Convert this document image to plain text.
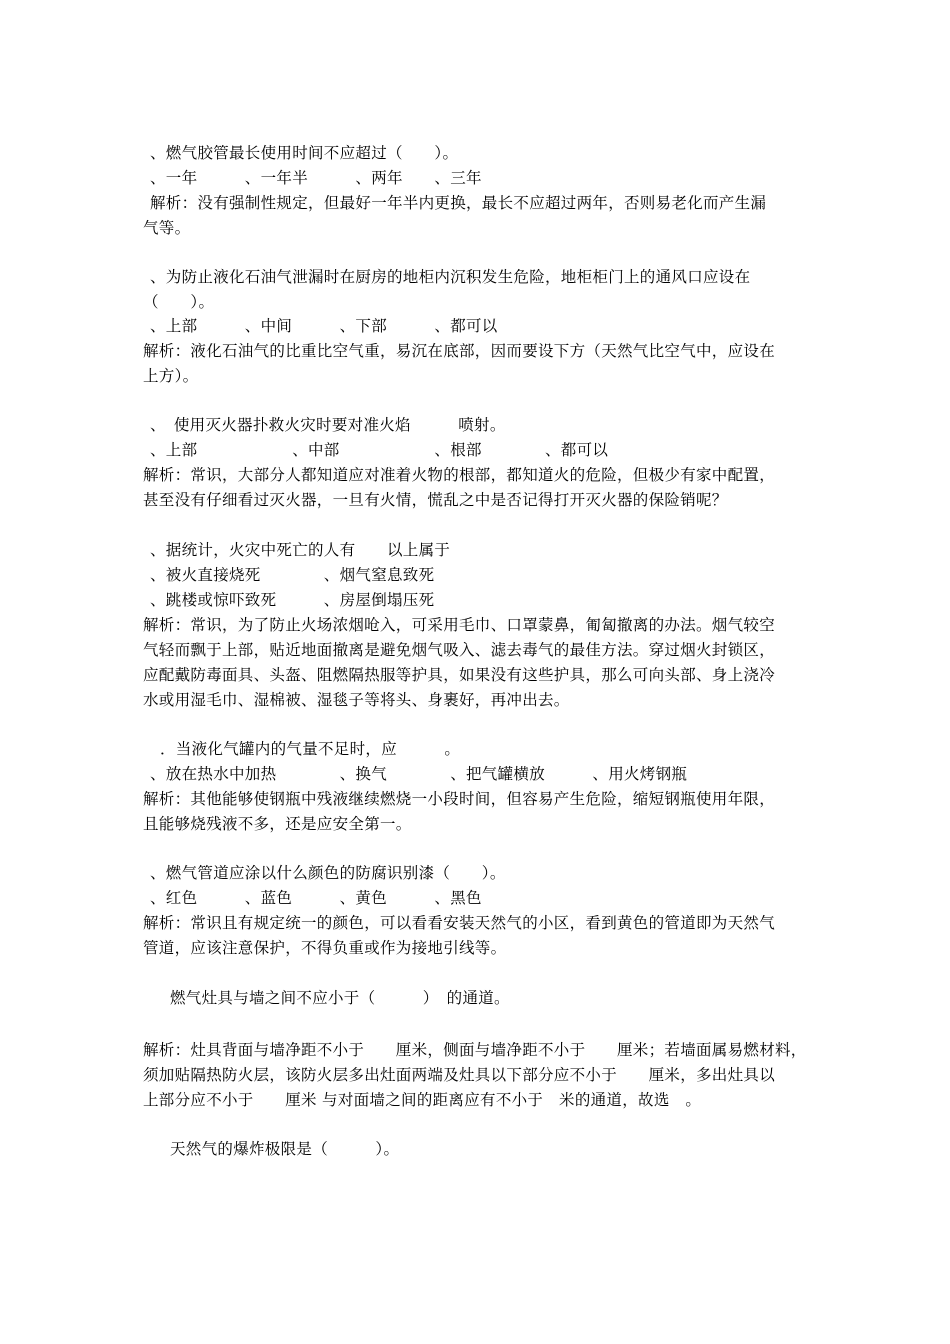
、燃气胶管最长使用时间不应超过（　　）。
、一年　　　、一年半　　　、两年　　、三年
解析：没有强制性规定，但最好一年半内更换，最长不应超过两年，否则易老化而产生漏
气等。
、为防止液化石油气泄漏时在厨房的地柜内沉积发生危险，地柜柜门上的通风口应设在
（　　）。
、上部　　　、中间　　　、下部　　　、都可以
解析：液化石油气的比重比空气重，易沉在底部，因而要设下方（天然气比空气中，应设在
上方）。
、　使用灭火器扑救火灾时要对准火焰　　　喷射。
、上部　　　　　　、中部　　　　　　、根部　　　　、都可以
解析：常识，大部分人都知道应对准着火物的根部，都知道火的危险，但极少有家中配置，
甚至没有仔细看过灭火器，一旦有火情，慌乱之中是否记得打开灭火器的保险销呢？
、据统计，火灾中死亡的人有　　以上属于
、被火直接烧死　　　　、烟气窒息致死
、跳楼或惊吓致死　　　、房屋倒塌压死
解析：常识，为了防止火场浓烟呛入，可采用毛巾、口罩蒙鼻，匍匐撤离的办法。烟气较空
气轻而飘于上部，贴近地面撤离是避免烟气吸入、滤去毒气的最佳方法。穿过烟火封锁区，
应配戴防毒面具、头盔、阻燃隔热服等护具，如果没有这些护具，那么可向头部、身上浇冷
水或用湿毛巾、湿棉被、湿毯子等将头、身裹好，再冲出去。
．当液化气罐内的气量不足时，应　　　。
、放在热水中加热　　　　、换气　　　　、把气罐横放　　　、用火烤钢瓶
解析：其他能够使钢瓶中残液继续燃烧一小段时间，但容易产生危险，缩短钢瓶使用年限，
且能够烧残液不多，还是应安全第一。
、燃气管道应涂以什么颜色的防腐识别漆（　　）。
、红色　　　、蓝色　　　、黄色　　　、黑色
解析：常识且有规定统一的颜色，可以看看安装天然气的小区，看到黄色的管道即为天然气
管道，应该注意保护，不得负重或作为接地引线等。
燃气灶具与墙之间不应小于（　　　）　的通道。
解析：灶具背面与墙净距不小于　　厘米，侧面与墙净距不小于　　厘米；若墙面属易燃材料，
须加贴隔热防火层，该防火层多出灶面两端及灶具以下部分应不小于　　厘米，多出灶具以
上部分应不小于　　厘米 与对面墙之间的距离应有不小于　米的通道，故选　。
天然气的爆炸极限是（　　　）。
